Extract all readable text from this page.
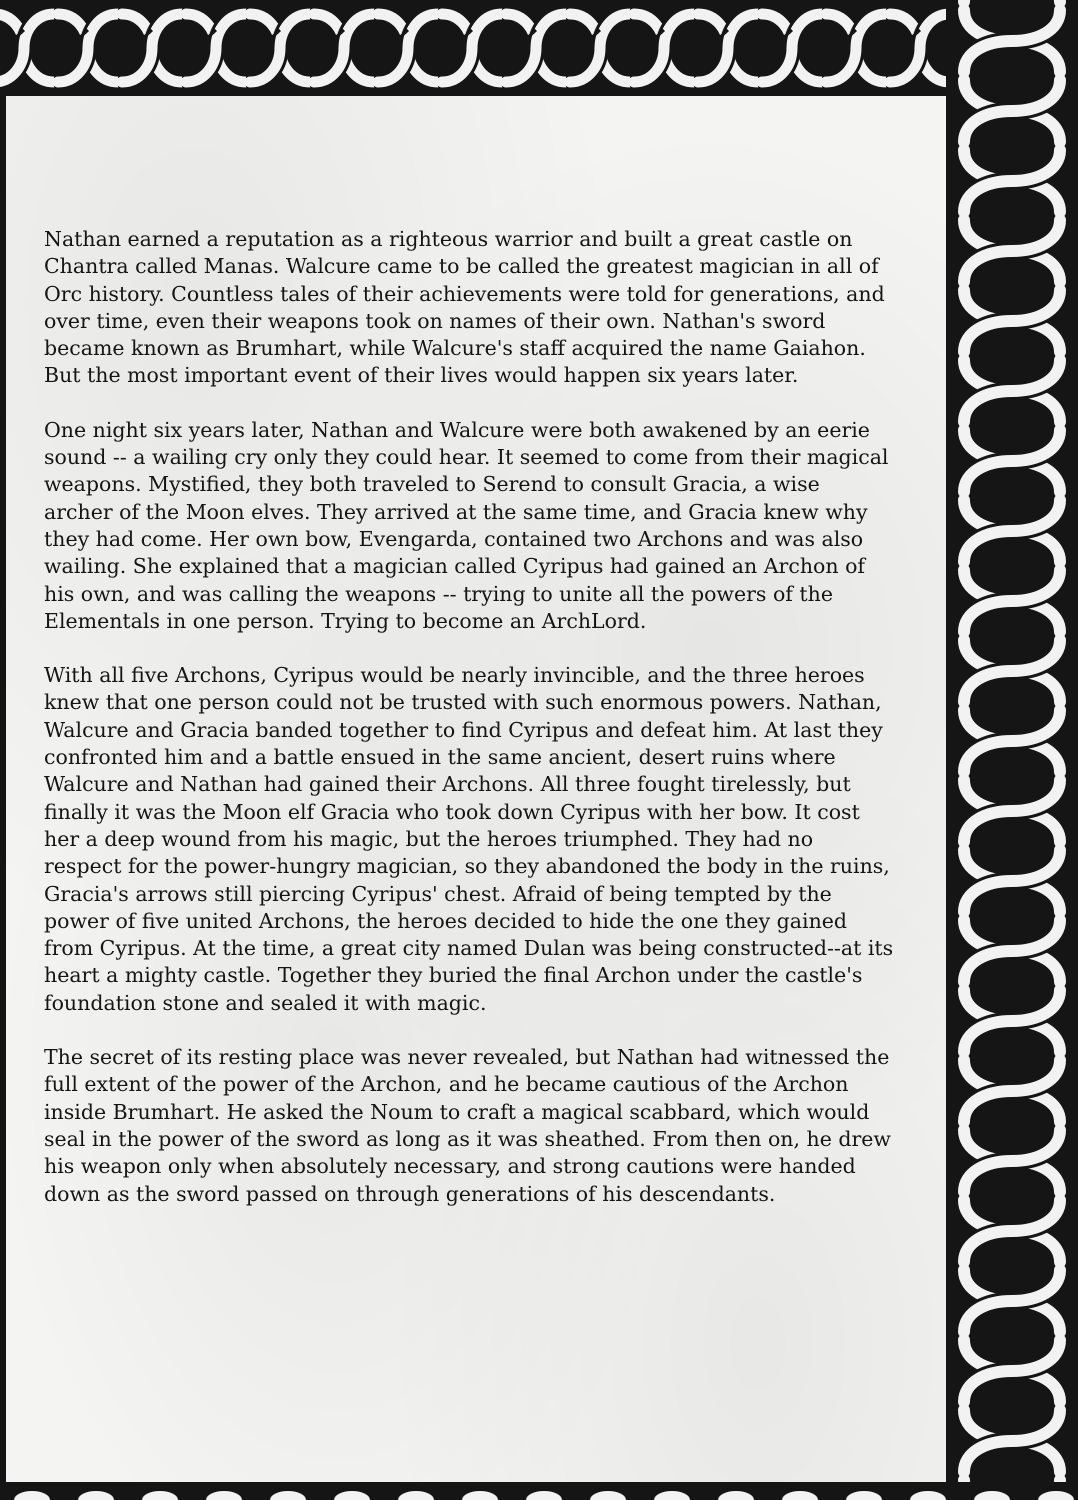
Nathan earned a reputation as a righteous warrior and built a great castle on Chantra called Manas. Walcure came to be called the greatest magician in all of Orc history. Countless tales of their achievements were told for generations, and over time, even their weapons took on names of their own. Nathan's sword became known as Brumhart, while Walcure's staff acquired the name Gaiahon. But the most important event of their lives would happen six years later.

One night six years later, Nathan and Walcure were both awakened by an eerie sound -- a wailing cry only they could hear. It seemed to come from their magical weapons. Mystified, they both traveled to Serend to consult Gracia, a wise archer of the Moon elves. They arrived at the same time, and Gracia knew why they had come. Her own bow, Evengarda, contained two Archons and was also wailing. She explained that a magician called Cyripus had gained an Archon of his own, and was calling the weapons -- trying to unite all the powers of the Elementals in one person. Trying to become an ArchLord.

With all five Archons, Cyripus would be nearly invincible, and the three heroes knew that one person could not be trusted with such enormous powers. Nathan, Walcure and Gracia banded together to find Cyripus and defeat him. At last they confronted him and a battle ensued in the same ancient, desert ruins where Walcure and Nathan had gained their Archons. All three fought tirelessly, but finally it was the Moon elf Gracia who took down Cyripus with her bow. It cost her a deep wound from his magic, but the heroes triumphed. They had no respect for the power-hungry magician, so they abandoned the body in the ruins, Gracia's arrows still piercing Cyripus' chest. Afraid of being tempted by the power of five united Archons, the heroes decided to hide the one they gained from Cyripus. At the time, a great city named Dulan was being constructed--at its heart a mighty castle. Together they buried the final Archon under the castle's foundation stone and sealed it with magic.

The secret of its resting place was never revealed, but Nathan had witnessed the full extent of the power of the Archon, and he became cautious of the Archon inside Brumhart. He asked the Noum to craft a magical scabbard, which would seal in the power of the sword as long as it was sheathed. From then on, he drew his weapon only when absolutely necessary, and strong cautions were handed down as the sword passed on through generations of his descendants.
